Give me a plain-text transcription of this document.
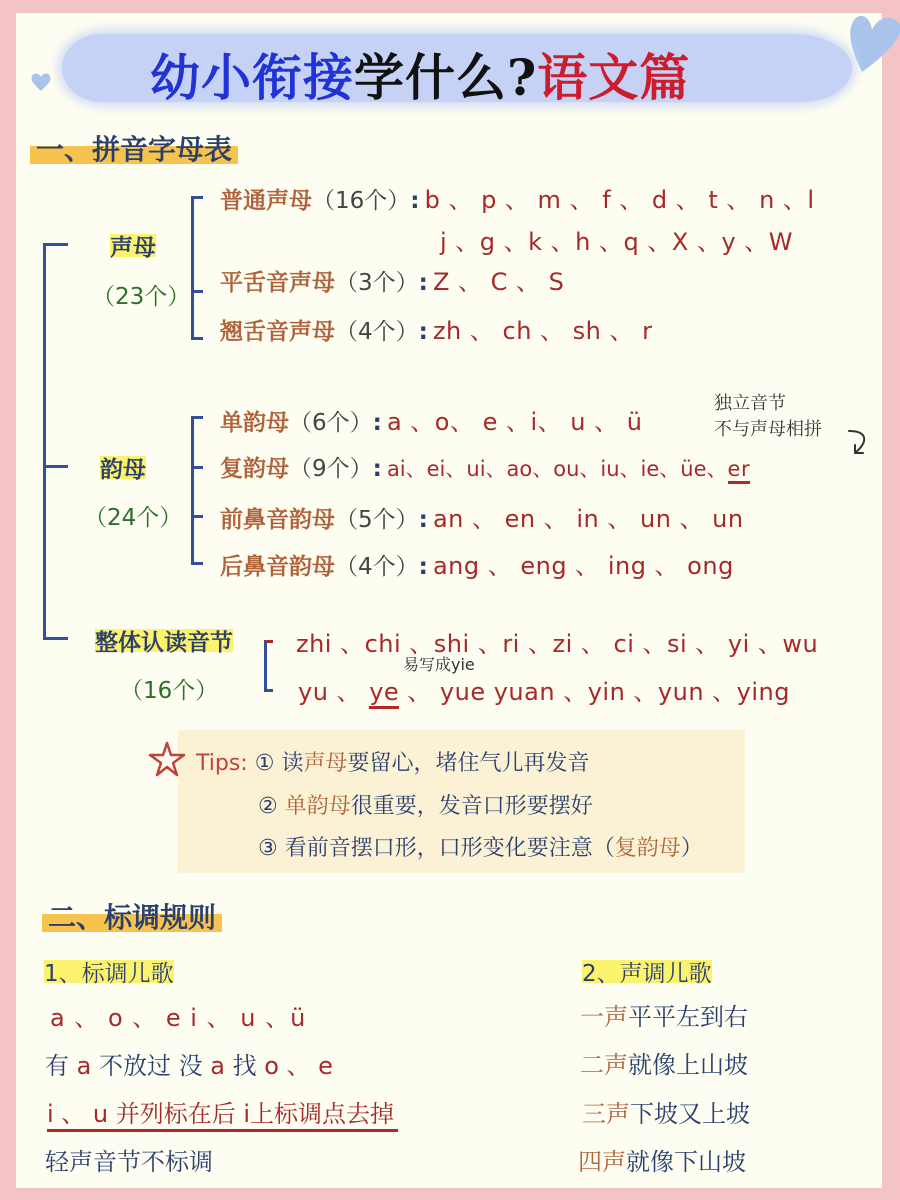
幼小衔接学什么?语文篇
一、拼音字母表
声母
（23个）
普通声母（16个）: b 、 p 、 m 、 f 、 d 、 t 、 n 、l
j 、g 、k 、h 、q 、X 、y 、W
平舌音声母（3个）: Z 、 C 、 S
翘舌音声母（4个）: zh 、 ch 、 sh 、 r
韵母
（24个）
单韵母（6个）: a 、o、 e 、i、 u 、 ü
复韵母（9个）: ai、ei、ui、ao、ou、iu、ie、üe、er
独立音节
不与声母相拼
前鼻音韵母（5个）: an 、 en 、 in 、 un 、 un
后鼻音韵母（4个）: ang 、 eng 、 ing 、 ong
整体认读音节
（16个）
zhi 、chi 、shi 、ri 、zi 、 ci 、si 、 yi 、wu
易写成yie
yu 、 ye 、 yue yuan 、yin 、yun 、ying
Tips: ① 读声母要留心，堵住气儿再发音
② 单韵母很重要，发音口形要摆好
③ 看前音摆口形，口形变化要注意（复韵母）
二、标调规则
1、标调儿歌
a 、 o 、 e i 、 u 、ü
有 a 不放过 没 a 找 o 、 e
i 、 u 并列标在后 i上标调点去掉
轻声音节不标调
2、声调儿歌
一声平平左到右
二声就像上山坡
三声下坡又上坡
四声就像下山坡
